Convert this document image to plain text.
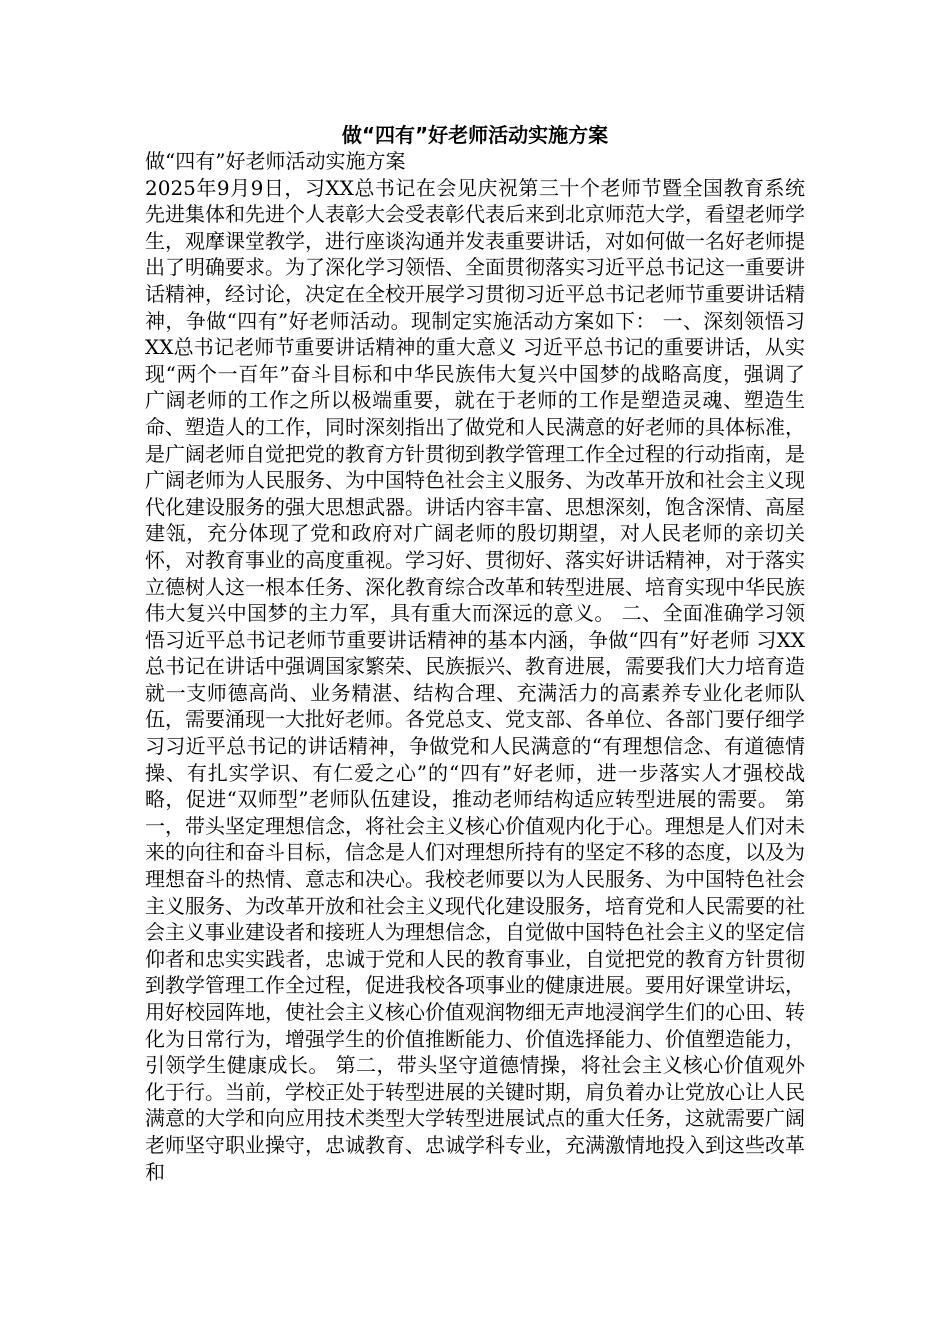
做“四有”好老师活动实施方案

做“四有”好老师活动实施方案

2025年9月9日，习XX总书记在会见庆祝第三十个老师节暨全国教育系统先进集体和先进个人表彰大会受表彰代表后来到北京师范大学，看望老师学生，观摩课堂教学，进行座谈沟通并发表重要讲话，对如何做一名好老师提出了明确要求。为了深化学习领悟、全面贯彻落实习近平总书记这一重要讲话精神，经讨论，决定在全校开展学习贯彻习近平总书记老师节重要讲话精神，争做“四有”好老师活动。现制定实施活动方案如下： 一、深刻领悟习XX总书记老师节重要讲话精神的重大意义 习近平总书记的重要讲话，从实现“两个一百年”奋斗目标和中华民族伟大复兴中国梦的战略高度，强调了广阔老师的工作之所以极端重要，就在于老师的工作是塑造灵魂、塑造生命、塑造人的工作，同时深刻指出了做党和人民满意的好老师的具体标准，是广阔老师自觉把党的教育方针贯彻到教学管理工作全过程的行动指南，是广阔老师为人民服务、为中国特色社会主义服务、为改革开放和社会主义现代化建设服务的强大思想武器。讲话内容丰富、思想深刻，饱含深情、高屋建瓴，充分体现了党和政府对广阔老师的殷切期望，对人民老师的亲切关怀，对教育事业的高度重视。学习好、贯彻好、落实好讲话精神，对于落实立德树人这一根本任务、深化教育综合改革和转型进展、培育实现中华民族伟大复兴中国梦的主力军，具有重大而深远的意义。 二、全面准确学习领悟习近平总书记老师节重要讲话精神的基本内涵，争做“四有”好老师 习XX总书记在讲话中强调国家繁荣、民族振兴、教育进展，需要我们大力培育造就一支师德高尚、业务精湛、结构合理、充满活力的高素养专业化老师队伍，需要涌现一大批好老师。各党总支、党支部、各单位、各部门要仔细学习习近平总书记的讲话精神，争做党和人民满意的“有理想信念、有道德情操、有扎实学识、有仁爱之心”的“四有”好老师，进一步落实人才强校战略，促进“双师型”老师队伍建设，推动老师结构适应转型进展的需要。 第一，带头坚定理想信念，将社会主义核心价值观内化于心。理想是人们对未来的向往和奋斗目标，信念是人们对理想所持有的坚定不移的态度，以及为理想奋斗的热情、意志和决心。我校老师要以为人民服务、为中国特色社会主义服务、为改革开放和社会主义现代化建设服务，培育党和人民需要的社会主义事业建设者和接班人为理想信念，自觉做中国特色社会主义的坚定信仰者和忠实实践者，忠诚于党和人民的教育事业，自觉把党的教育方针贯彻到教学管理工作全过程，促进我校各项事业的健康进展。要用好课堂讲坛，用好校园阵地，使社会主义核心价值观润物细无声地浸润学生们的心田、转化为日常行为，增强学生的价值推断能力、价值选择能力、价值塑造能力，引领学生健康成长。 第二，带头坚守道德情操，将社会主义核心价值观外化于行。当前，学校正处于转型进展的关键时期，肩负着办让党放心让人民满意的大学和向应用技术类型大学转型进展试点的重大任务，这就需要广阔老师坚守职业操守，忠诚教育、忠诚学科专业，充满激情地投入到这些改革和
